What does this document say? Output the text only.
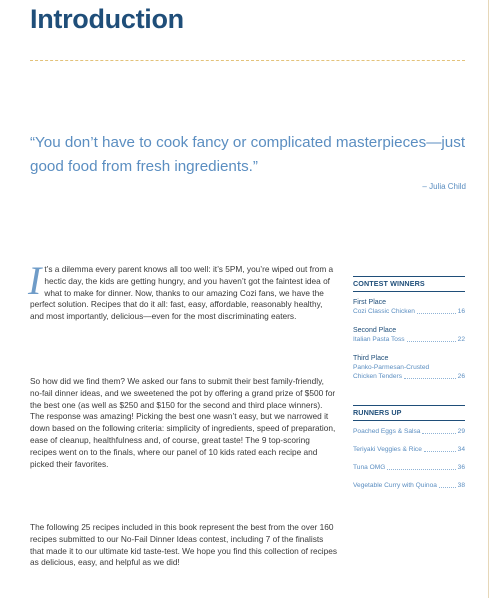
Introduction
“You don’t have to cook fancy or complicated masterpieces—just good food from fresh ingredients.”
– Julia Child
It’s a dilemma every parent knows all too well: it’s 5PM, you’re wiped out from a hectic day, the kids are getting hungry, and you haven’t got the faintest idea of what to make for dinner. Now, thanks to our amazing Cozi fans, we have the perfect solution. Recipes that do it all: fast, easy, affordable, reasonably healthy, and most importantly, delicious—even for the most discriminating eaters.
So how did we find them? We asked our fans to submit their best family-friendly, no-fail dinner ideas, and we sweetened the pot by offering a grand prize of $500 for the best one (as well as $250 and $150 for the second and third place winners). The response was amazing! Picking the best one wasn’t easy, but we narrowed it down based on the following criteria: simplicity of ingredients, speed of preparation, ease of cleanup, healthfulness and, of course, great taste! The 9 top-scoring recipes went on to the finals, where our panel of 10 kids rated each recipe and picked their favorites.
The following 25 recipes included in this book represent the best from the over 160 recipes submitted to our No-Fail Dinner Ideas contest, including 7 of the finalists that made it to our ultimate kid taste-test. We hope you find this collection of recipes as delicious, easy, and helpful as we did!
CONTEST WINNERS
First Place
Cozi Classic Chicken	16
Second Place
Italian Pasta Toss	22
Third Place
Panko-Parmesan-Crusted
Chicken Tenders	26
RUNNERS UP
Poached Eggs & Salsa	29
Teriyaki Veggies & Rice	34
Tuna OMG	36
Vegetable Curry with Quinoa	38
